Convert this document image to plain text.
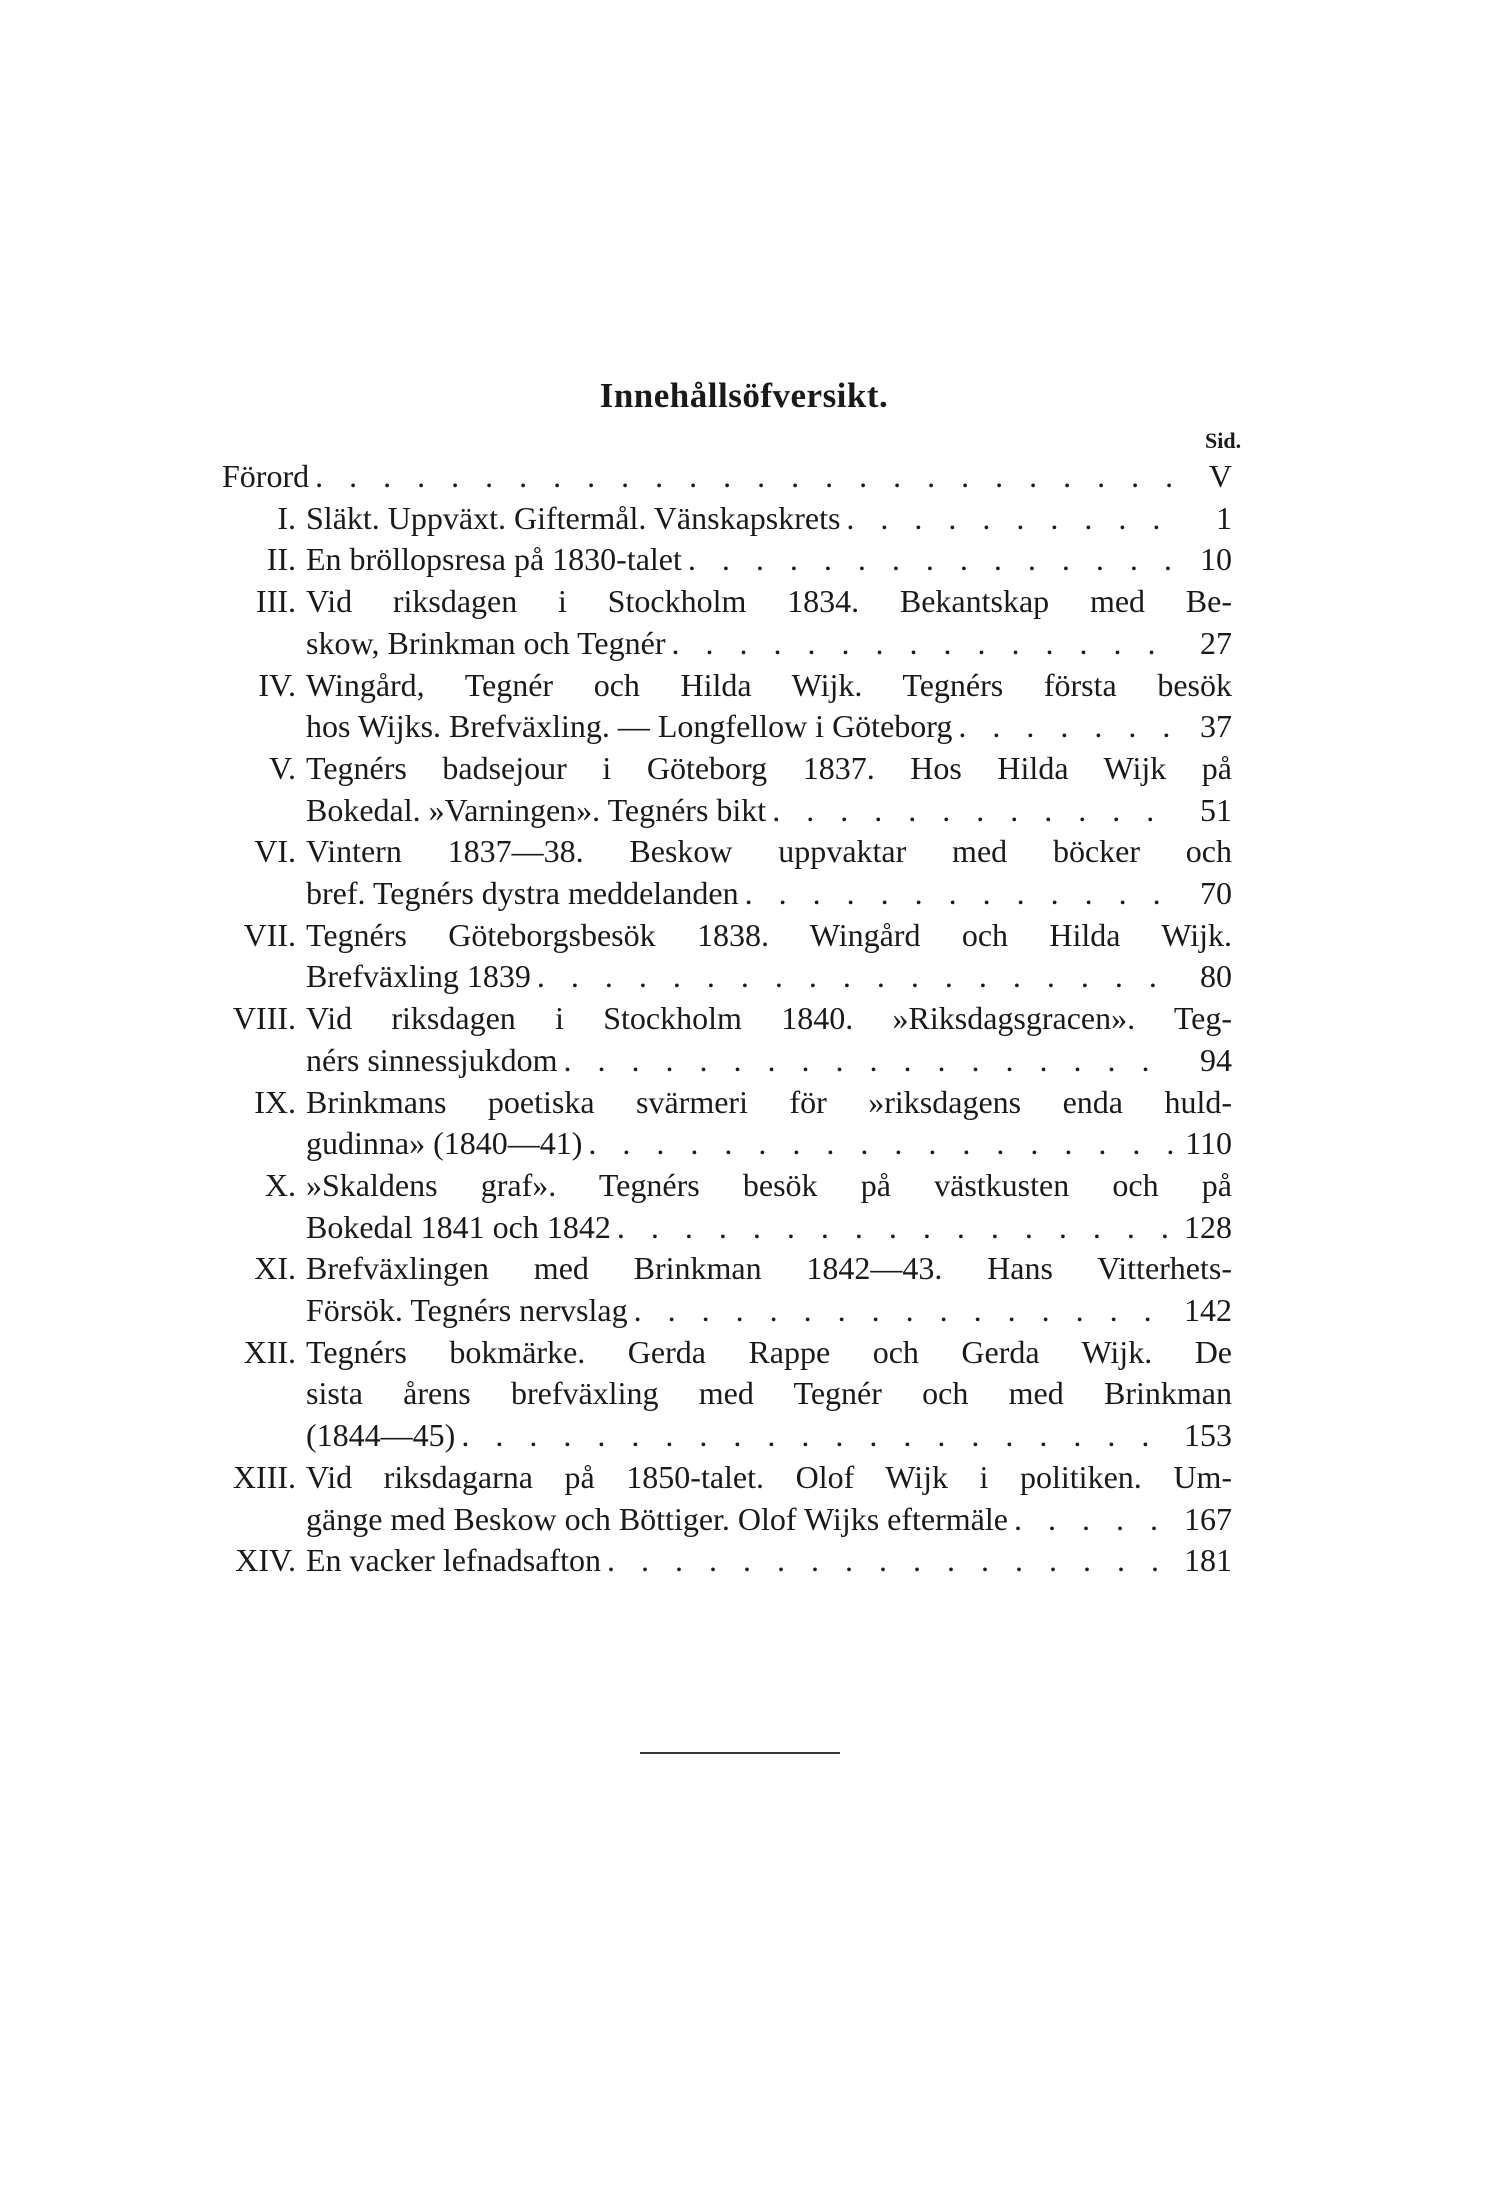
Innehållsöfversikt.
Sid.
Förord . . .	V
I. Släkt. Uppväxt. Giftermål. Vänskapskrets . . .	1
II. En bröllopsresa på 1830-talet . . .	10
III. Vid riksdagen i Stockholm 1834. Bekantskap med Be-
skow, Brinkman och Tegnér . . .	27
IV. Wingård, Tegnér och Hilda Wijk. Tegnérs första besök
hos Wijks. Brefväxling. — Longfellow i Göteborg . . .	37
V. Tegnérs badsejour i Göteborg 1837. Hos Hilda Wijk på
Bokedal. »Varningen». Tegnérs bikt . . .	51
VI. Vintern 1837—38. Beskow uppvaktar med böcker och
bref. Tegnérs dystra meddelanden . . .	70
VII. Tegnérs Göteborgsbesök 1838. Wingård och Hilda Wijk.
Brefväxling 1839 . . .	80
VIII. Vid riksdagen i Stockholm 1840. »Riksdagsgracen». Teg-
nérs sinnessjukdom . . .	94
IX. Brinkmans poetiska svärmeri för »riksdagens enda huld-
gudinna» (1840—41) . . .	110
X. »Skaldens graf». Tegnérs besök på västkusten och på
Bokedal 1841 och 1842 . . .	128
XI. Brefväxlingen med Brinkman 1842—43. Hans Vitterhets-
Försök. Tegnérs nervslag . . .	142
XII. Tegnérs bokmärke. Gerda Rappe och Gerda Wijk. De
sista årens brefväxling med Tegnér och med Brinkman
(1844—45) . . .	153
XIII. Vid riksdagarna på 1850-talet. Olof Wijk i politiken. Um-
gänge med Beskow och Böttiger. Olof Wijks eftermäle . . .	167
XIV. En vacker lefnadsafton . . .	181
